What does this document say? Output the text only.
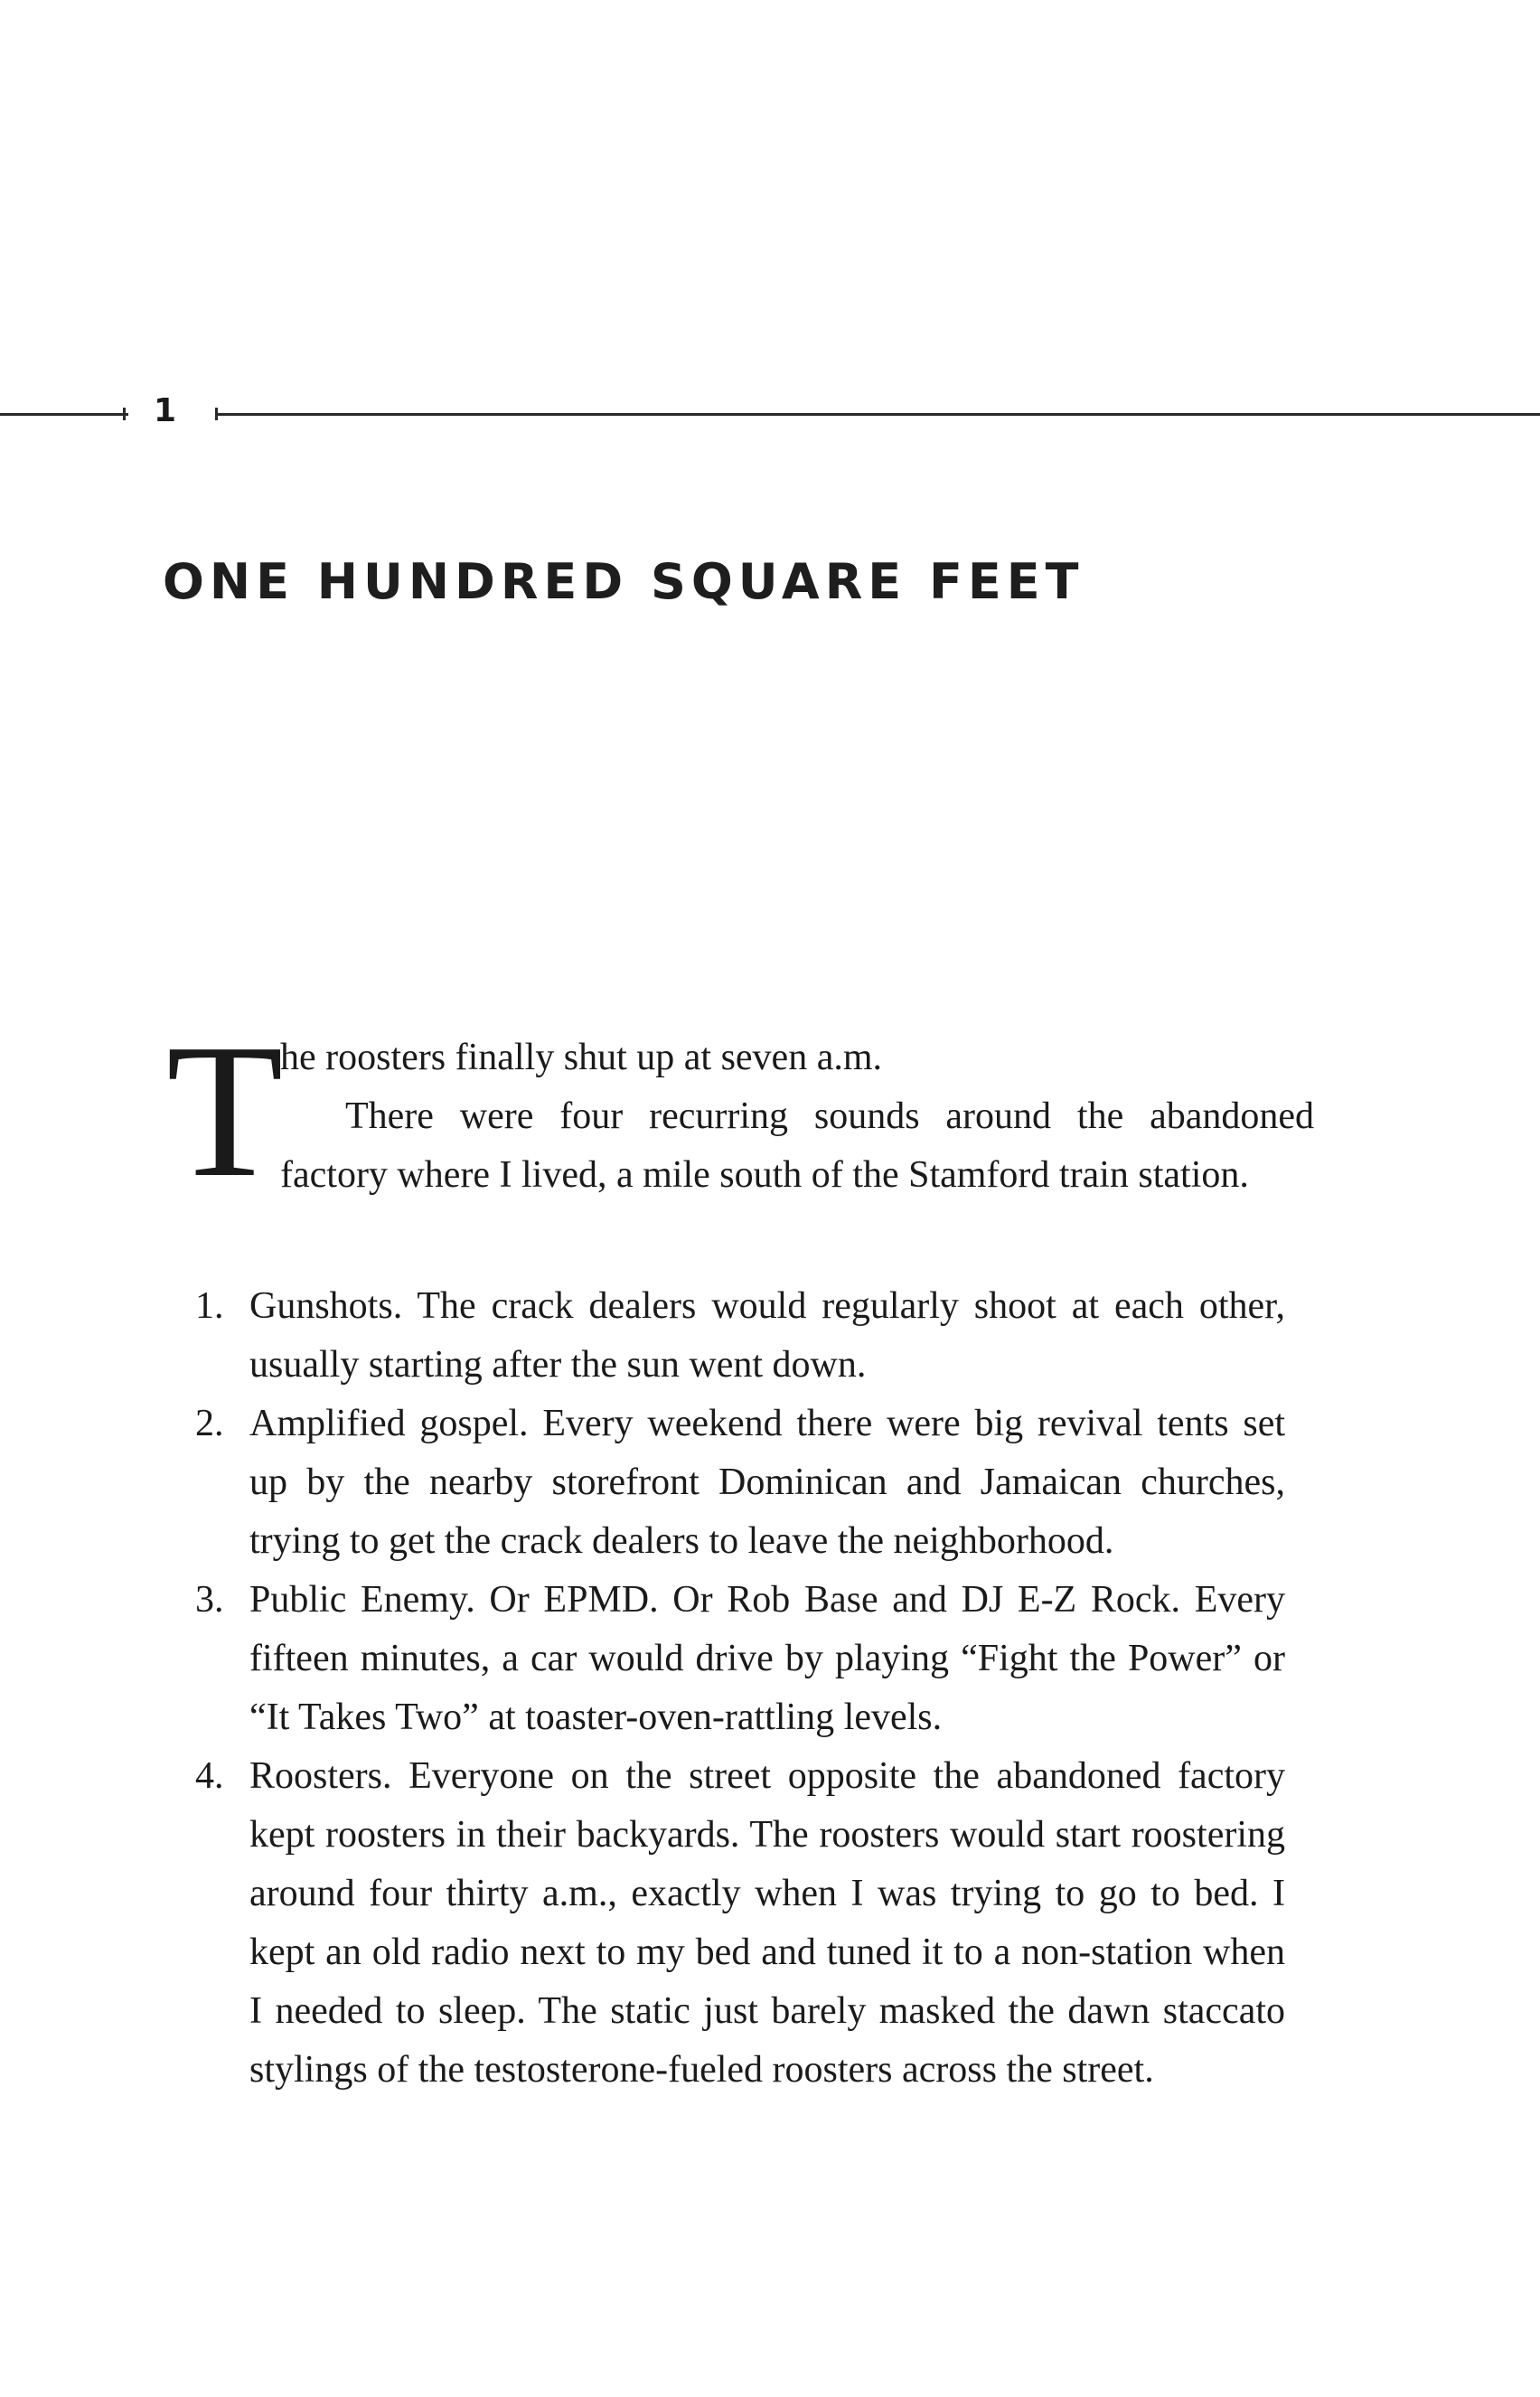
1
ONE HUNDRED SQUARE FEET
T
he roosters finally shut up at seven a.m.

There were four recurring sounds around the abandoned factory where I lived, a mile south of the Stamford train station.

1. Gunshots. The crack dealers would regularly shoot at each other, usually starting after the sun went down.
2. Amplified gospel. Every weekend there were big revival tents set up by the nearby storefront Dominican and Jamaican churches, trying to get the crack dealers to leave the neighborhood.
3. Public Enemy. Or EPMD. Or Rob Base and DJ E-Z Rock. Every fifteen minutes, a car would drive by playing “Fight the Power” or “It Takes Two” at toaster-oven-rattling levels.
4. Roosters. Everyone on the street opposite the abandoned factory kept roosters in their backyards. The roosters would start roostering around four thirty a.m., exactly when I was trying to go to bed. I kept an old radio next to my bed and tuned it to a non-station when I needed to sleep. The static just barely masked the dawn staccato stylings of the testosterone-fueled roosters across the street.
